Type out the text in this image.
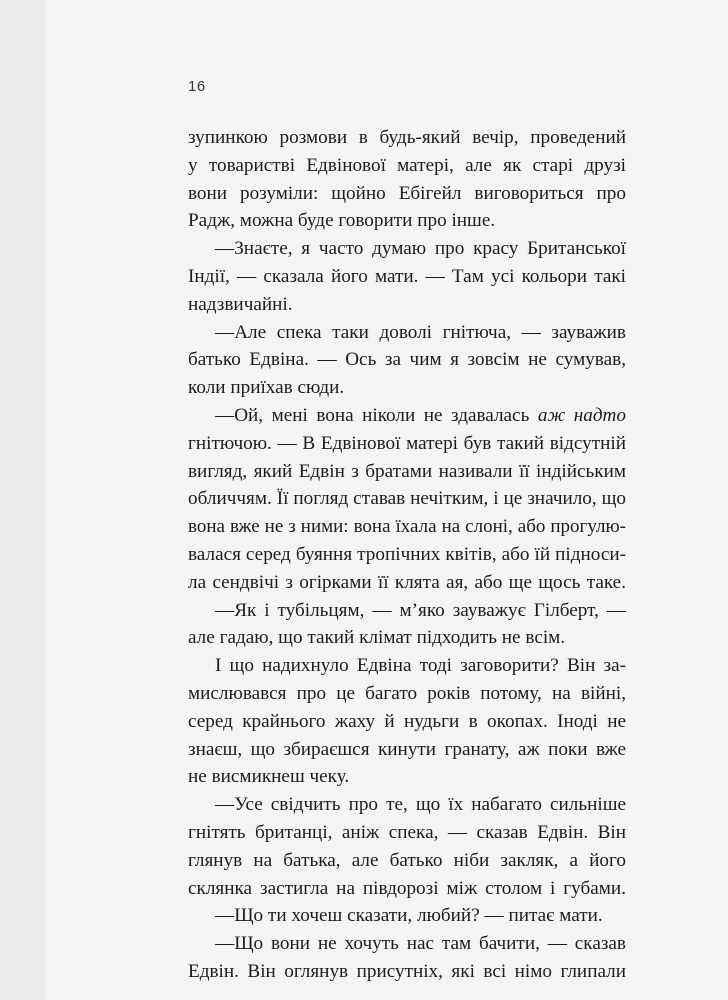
16
зупинкою розмови в будь-який вечір, проведений
у товаристві Едвінової матері, але як старі друзі
вони розуміли: щойно Ебігейл виговориться про
Радж, можна буде говорити про інше.
—Знаєте, я часто думаю про красу Британської
Індії, — сказала його мати. — Там усі кольори такі
надзвичайні.
—Але спека таки доволі гнітюча, — зауважив
батько Едвіна. — Ось за чим я зовсім не сумував,
коли приїхав сюди.
—Ой, мені вона ніколи не здавалась аж надто
гнітючою. — В Едвінової матері був такий відсутній
вигляд, який Едвін з братами називали її індійським
обличчям. Її погляд ставав нечітким, і це значило, що
вона вже не з ними: вона їхала на слоні, або прогулю-
валася серед буяння тропічних квітів, або їй підноси-
ла сендвічі з огірками її клята ая, або ще щось таке.
—Як і тубільцям, — м’яко зауважує Гілберт, —
але гадаю, що такий клімат підходить не всім.
І що надихнуло Едвіна тоді заговорити? Він за-
мислювався про це багато років потому, на війні,
серед крайнього жаху й нудьги в окопах. Іноді не
знаєш, що збираєшся кинути гранату, аж поки вже
не висмикнеш чеку.
—Усе свідчить про те, що їх набагато сильніше
гнітять британці, аніж спека, — сказав Едвін. Він
глянув на батька, але батько ніби закляк, а його
склянка застигла на півдорозі між столом і губами.
—Що ти хочеш сказати, любий? — питає мати.
—Що вони не хочуть нас там бачити, — сказав
Едвін. Він оглянув присутніх, які всі німо глипали
